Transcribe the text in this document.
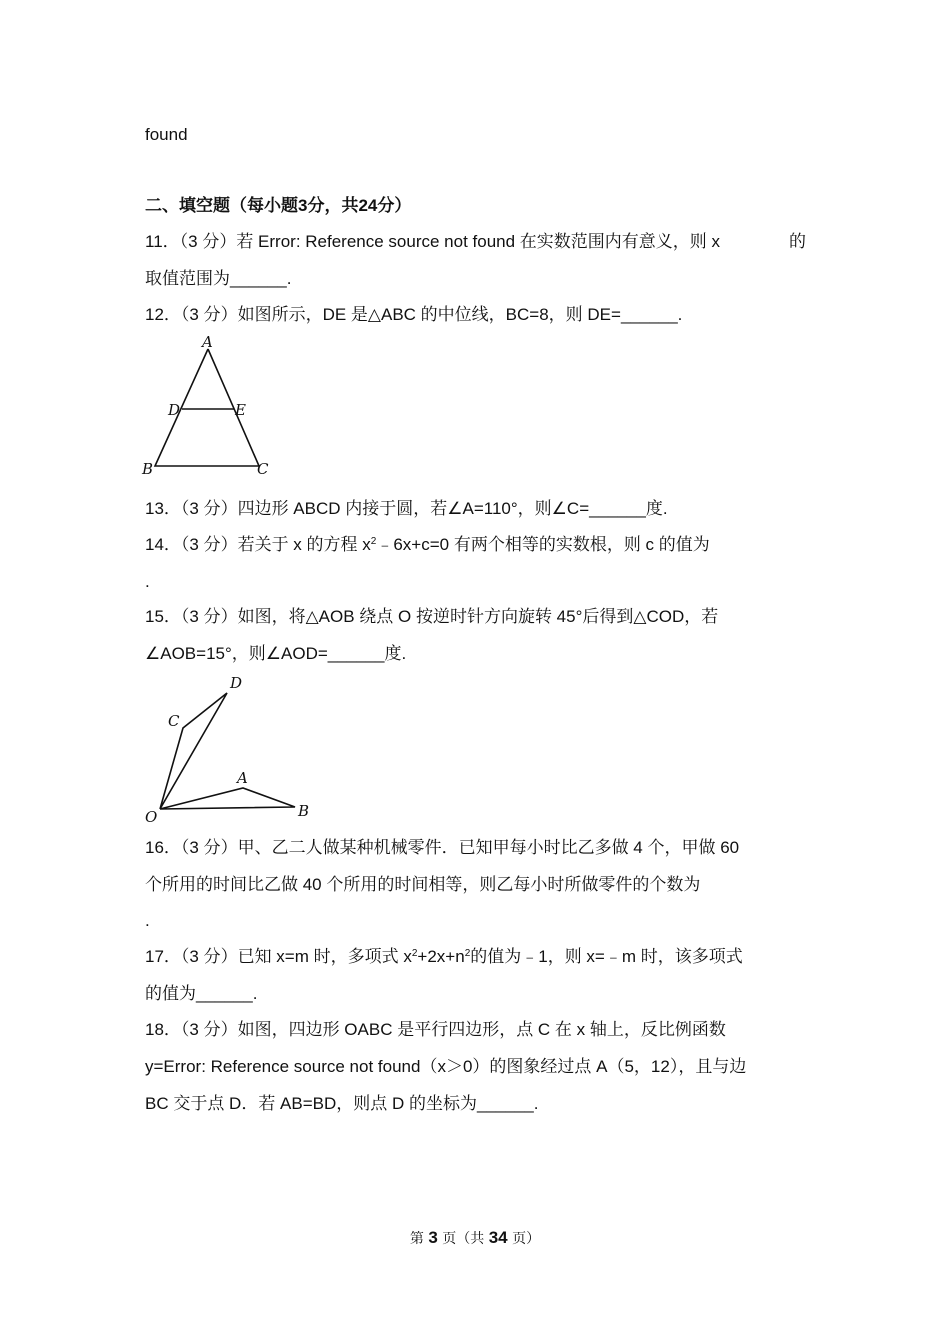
found
二、填空题（每小题3分，共24分）
11．（3 分）若 Error: Reference source not found 在实数范围内有意义，则 x	的
取值范围为______.
12．（3 分）如图所示，DE 是△ABC 的中位线，BC=8，则 DE=______.
A
D	E
B	C
13．（3 分）四边形 ABCD 内接于圆，若∠A=110°，则∠C=______度.
14．（3 分）若关于 x 的方程 $x^2﹣6x+c=0$ 有两个相等的实数根，则 c 的值为
.
15．（3 分）如图，将△AOB 绕点 O 按逆时针方向旋转 45°后得到△COD，若
∠AOB=15°，则∠AOD=______度.
D
C
A
B
O
16．（3 分）甲、乙二人做某种机械零件．已知甲每小时比乙多做 4 个，甲做 60
个所用的时间比乙做 40 个所用的时间相等，则乙每小时所做零件的个数为
.
17．（3 分）已知 x=m 时，多项式 $x^2+2x+n^2$的值为﹣1，则 x=﹣m 时，该多项式
的值为______.
18．（3 分）如图，四边形 OABC 是平行四边形，点 C 在 x 轴上，反比例函数
y=Error: Reference source not found（x＞0）的图象经过点 A（5，12），且与边
BC 交于点 D．若 AB=BD，则点 D 的坐标为______.
第 3 页（共 34 页）
